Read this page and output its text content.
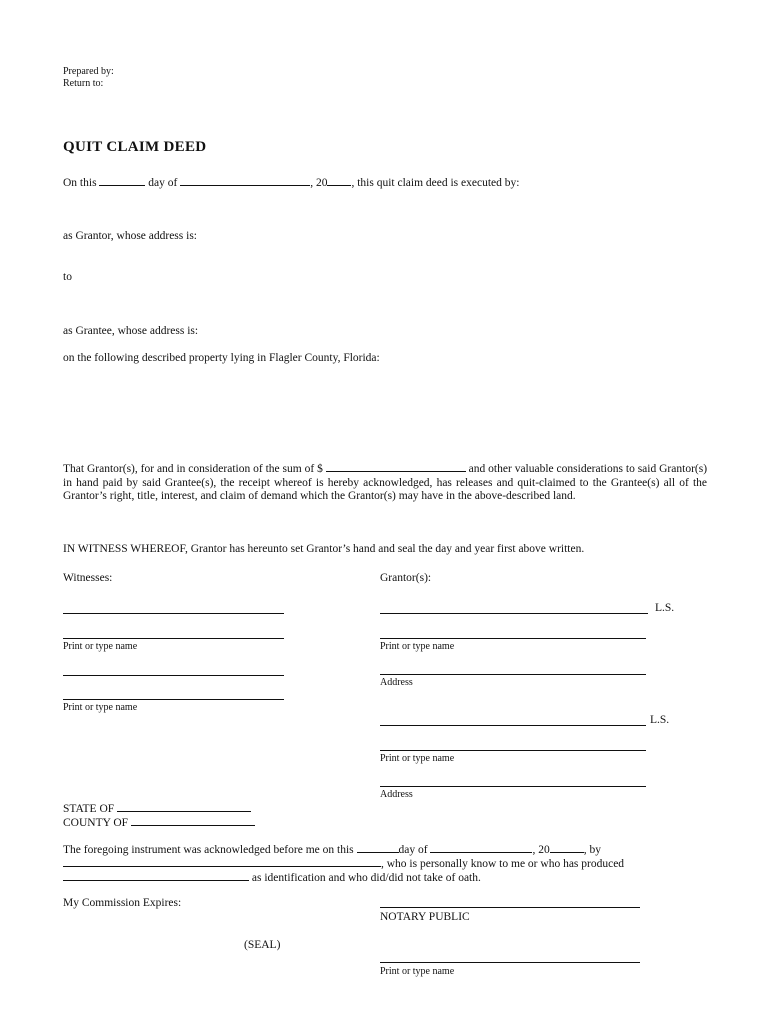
Prepared by:
Return to:
QUIT CLAIM DEED
On this	day of	, 20 , this quit claim deed is executed by:
as Grantor, whose address is:
to
as Grantee, whose address is:
on the following described property lying in Flagler County, Florida:
That Grantor(s), for and in consideration of the sum of $	and other valuable considerations to said Grantor(s) in hand paid by said Grantee(s), the receipt whereof is hereby acknowledged, has releases and quit-claimed to the Grantee(s) all of the Grantor’s right, title, interest, and claim of demand which the Grantor(s) may have in the above-described land.
IN WITNESS WHEREOF, Grantor has hereunto set Grantor’s hand and seal the day and year first above written.
Witnesses:
Print or type name
Print or type name
Grantor(s):
L.S.
Print or type name
Address
L.S.
Print or type name
Address
STATE OF
COUNTY OF
The foregoing instrument was acknowledged before me on this	day of	, 20	, by
, who is personally know to me or who has produced
as identification and who did/did not take of oath.
My Commission Expires:
NOTARY PUBLIC
(SEAL)
Print or type name
